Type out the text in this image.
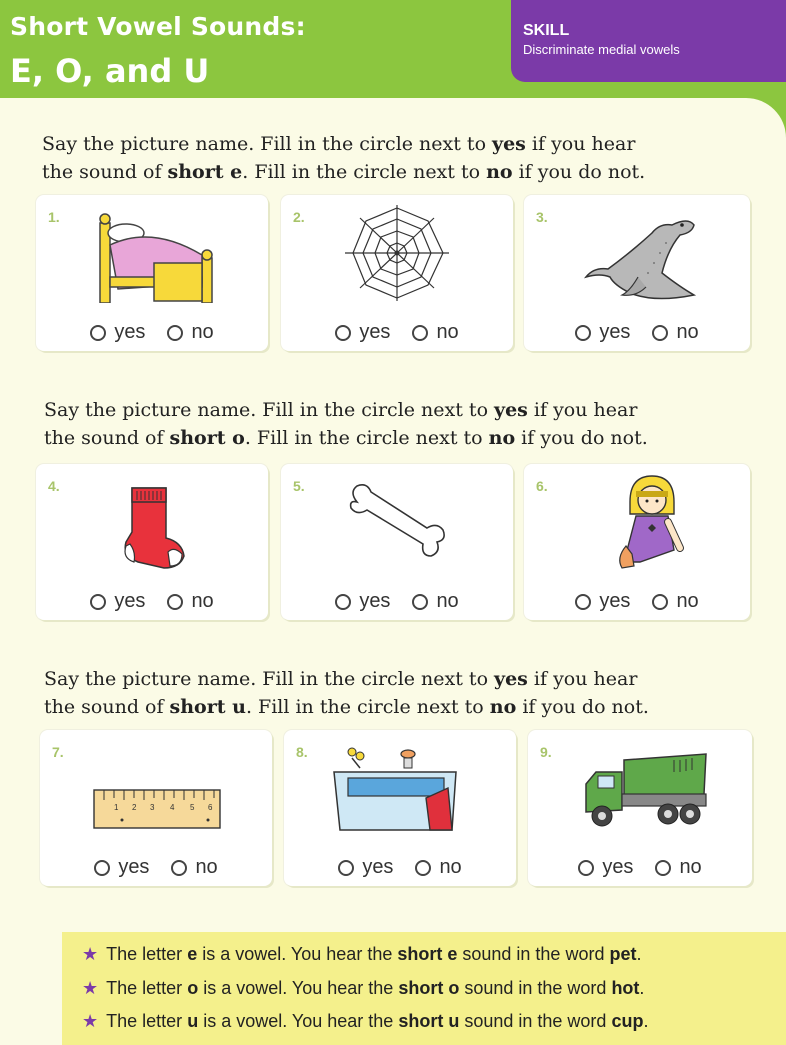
Short Vowel Sounds:
E, O, and U
SKILL
Discriminate medial vowels
Say the picture name. Fill in the circle next to yes if you hear
the sound of short e. Fill in the circle next to no if you do not.
1.
yes no
2.
yes no
3.
yes no
Say the picture name. Fill in the circle next to yes if you hear
the sound of short o. Fill in the circle next to no if you do not.
4.
yes no
5.
yes no
6.
yes no
Say the picture name. Fill in the circle next to yes if you hear
the sound of short u. Fill in the circle next to no if you do not.
7.
1 2 3 4 5 6
yes no
8.
yes no
9.
yes no
★ The letter e is a vowel. You hear the short e sound in the word pet.
★ The letter o is a vowel. You hear the short o sound in the word hot.
★ The letter u is a vowel. You hear the short u sound in the word cup.
